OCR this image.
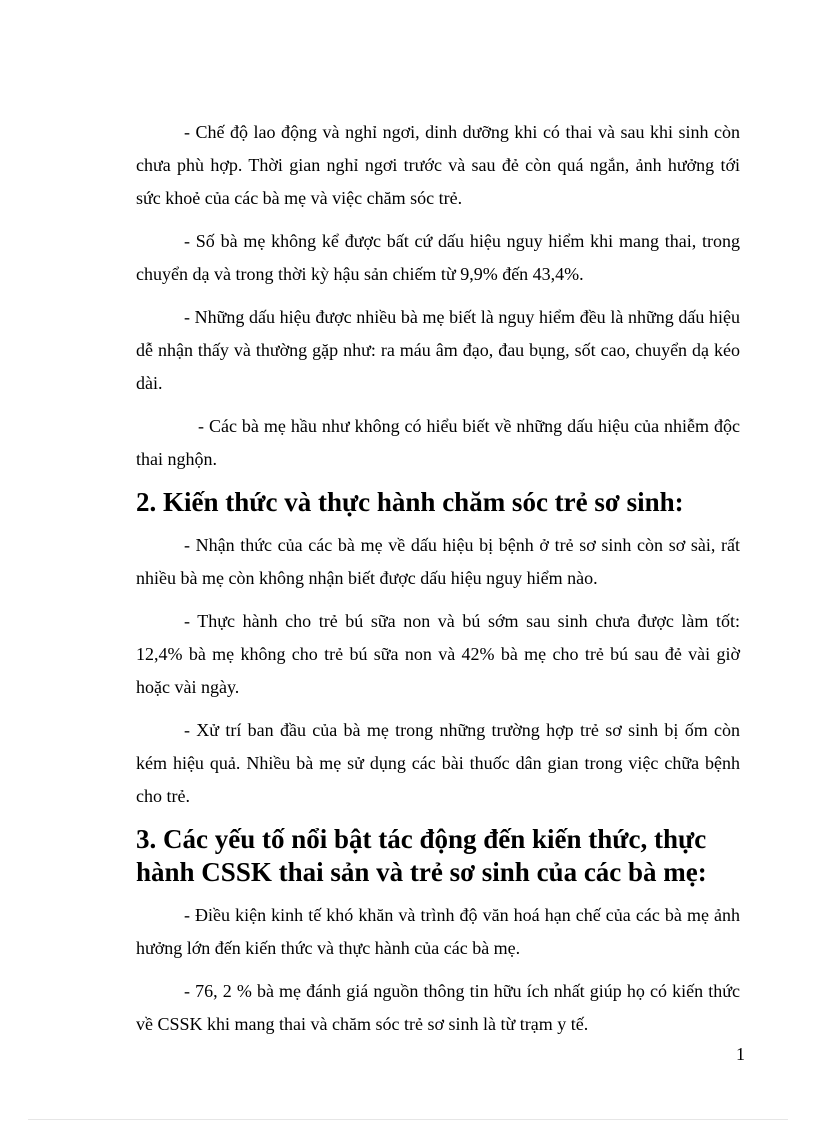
- Chế độ lao động và nghỉ ngơi, dinh dưỡng khi có thai và sau khi sinh còn chưa phù hợp. Thời gian nghỉ ngơi trước và sau đẻ còn quá ngắn, ảnh hưởng tới sức khoẻ của các bà mẹ và việc chăm sóc trẻ.

- Số bà mẹ không kể được bất cứ dấu hiệu nguy hiểm khi mang thai, trong chuyển dạ và trong thời kỳ hậu sản chiếm từ 9,9% đến 43,4%.

- Những dấu hiệu được nhiều bà mẹ biết là nguy hiểm đều là những dấu hiệu dễ nhận thấy và thường gặp như: ra máu âm đạo, đau bụng, sốt cao, chuyển dạ kéo dài.

- Các bà mẹ hầu như không có hiểu biết về những dấu hiệu của nhiễm độc thai nghộn.

2. Kiến thức và thực hành chăm sóc trẻ sơ sinh:

- Nhận thức của các bà mẹ về dấu hiệu bị bệnh ở trẻ sơ sinh còn sơ sài, rất nhiều bà mẹ còn không nhận biết được dấu hiệu nguy hiểm nào.

- Thực hành cho trẻ bú sữa non và bú sớm sau sinh chưa được làm tốt: 12,4% bà mẹ không cho trẻ bú sữa non và 42% bà mẹ cho trẻ bú sau đẻ vài giờ hoặc vài ngày.

- Xử trí ban đầu của bà mẹ trong những trường hợp trẻ sơ sinh bị ốm còn kém hiệu quả. Nhiều bà mẹ sử dụng các bài thuốc dân gian trong việc chữa bệnh cho trẻ.

3. Các yếu tố nổi bật tác động đến kiến thức, thực hành CSSK thai sản và trẻ sơ sinh của các bà mẹ:

- Điều kiện kinh tế khó khăn và trình độ văn hoá hạn chế của các bà mẹ ảnh hưởng lớn đến kiến thức và thực hành của các bà mẹ.

- 76, 2 % bà mẹ đánh giá nguồn thông tin hữu ích nhất giúp họ có kiến thức về CSSK khi mang thai và chăm sóc trẻ sơ sinh là từ trạm y tế.

1
